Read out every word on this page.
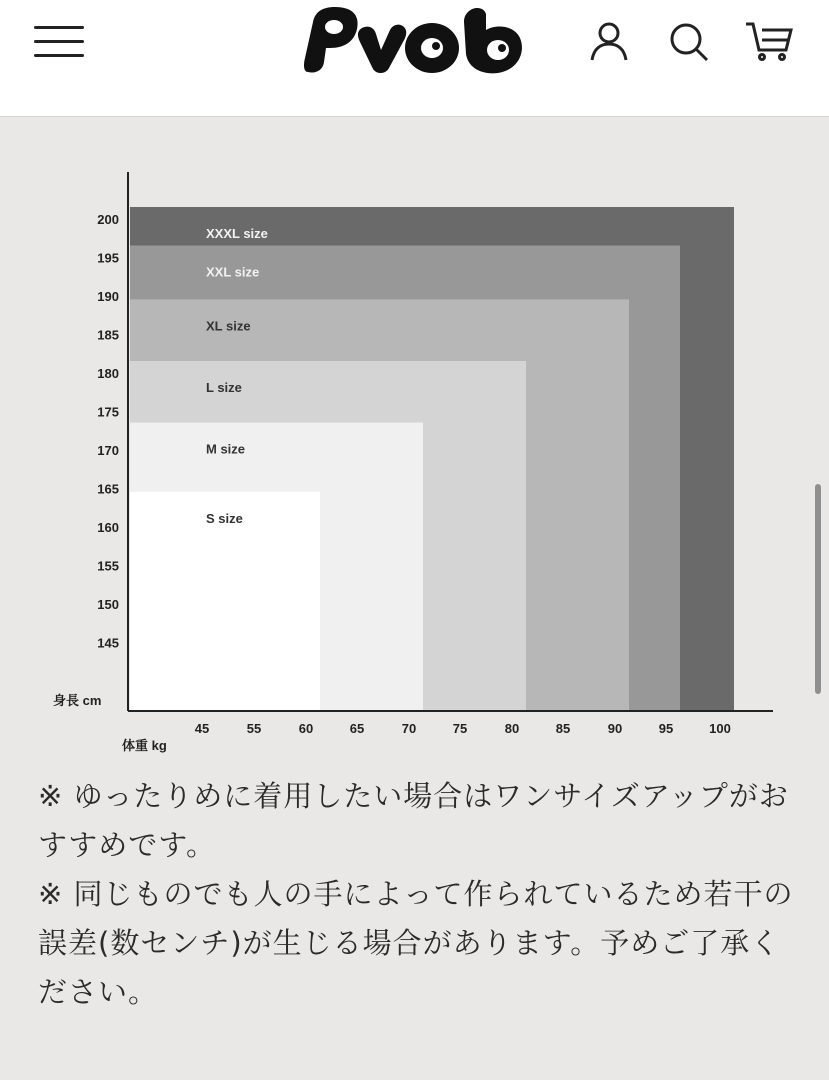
XXXL size
XXL size
XL size
L size
M size
S size
200
195
190
185
180
175
170
165
160
155
150
145
45	55	60	65	70	75	80	85	90	95	100
身長 cm
体重 kg

※ ゆったりめに着用したい場合はワンサイズアップがおすすめです。

※ 同じものでも人の手によって作られているため若干の誤差(数センチ)が生じる場合があります。予めご了承ください。
